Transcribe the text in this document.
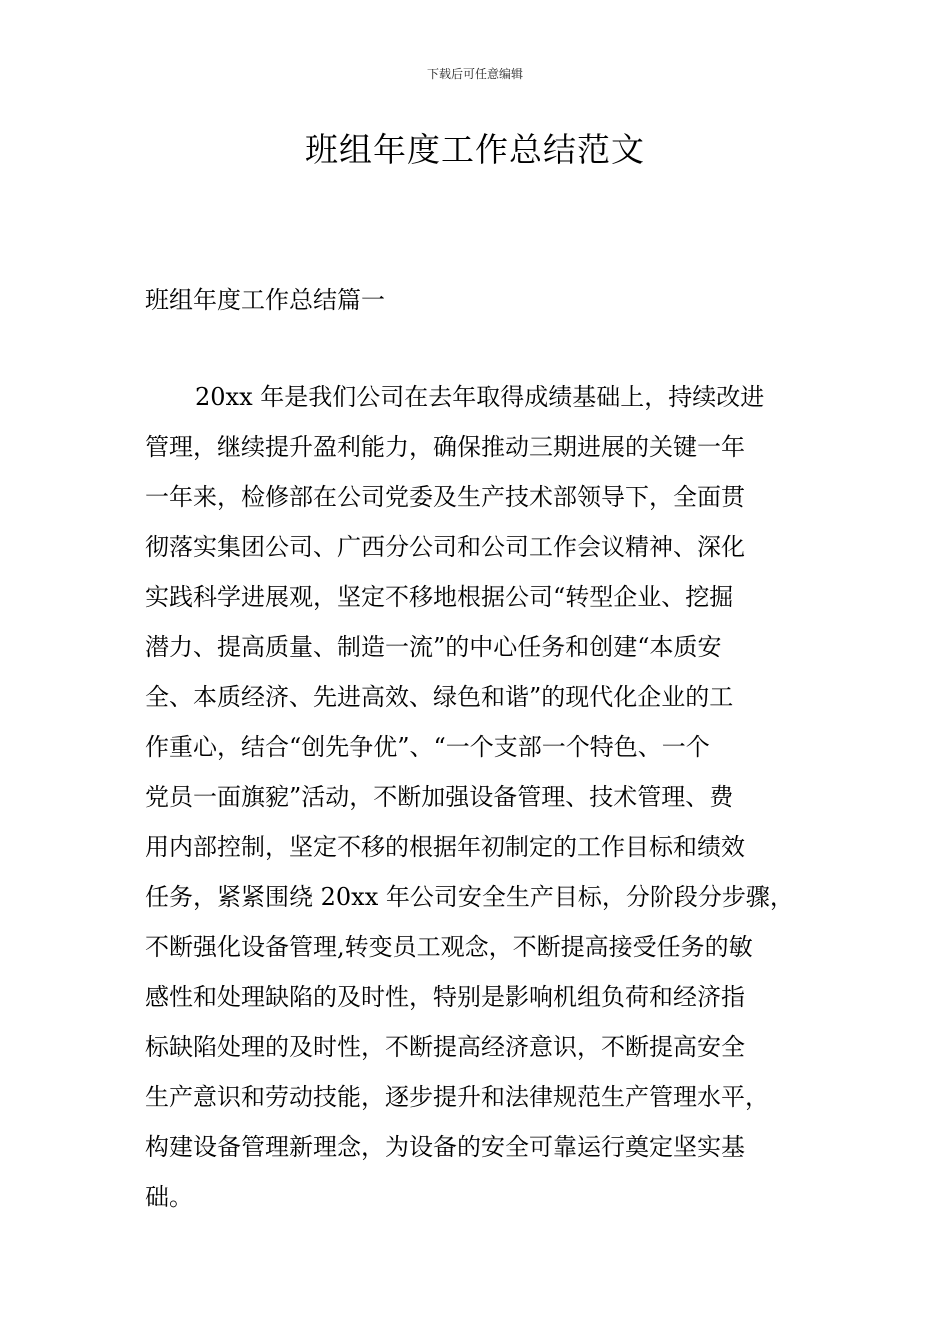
下载后可任意编辑
班组年度工作总结范文
班组年度工作总结篇一
20xx 年是我们公司在去年取得成绩基础上，持续改进
管理，继续提升盈利能力，确保推动三期进展的关键一年
一年来，检修部在公司党委及生产技术部领导下，全面贯
彻落实集团公司、广西分公司和公司工作会议精神、深化
实践科学进展观，坚定不移地根据公司“转型企业、挖掘
潜力、提高质量、制造一流”的中心任务和创建“本质安
全、本质经济、先进高效、绿色和谐”的现代化企业的工
作重心，结合“创先争优”、“一个支部一个特色、一个
党员一面旗豟”活动，不断加强设备管理、技术管理、费
用内部控制，坚定不移的根据年初制定的工作目标和绩效
任务，紧紧围绕 20xx 年公司安全生产目标，分阶段分步骤，
不断强化设备管理,转变员工观念，不断提高接受任务的敏
感性和处理缺陷的及时性，特别是影响机组负荷和经济指
标缺陷处理的及时性，不断提高经济意识，不断提高安全
生产意识和劳动技能，逐步提升和法律规范生产管理水平，
构建设备管理新理念，为设备的安全可靠运行奠定坚实基
础。
